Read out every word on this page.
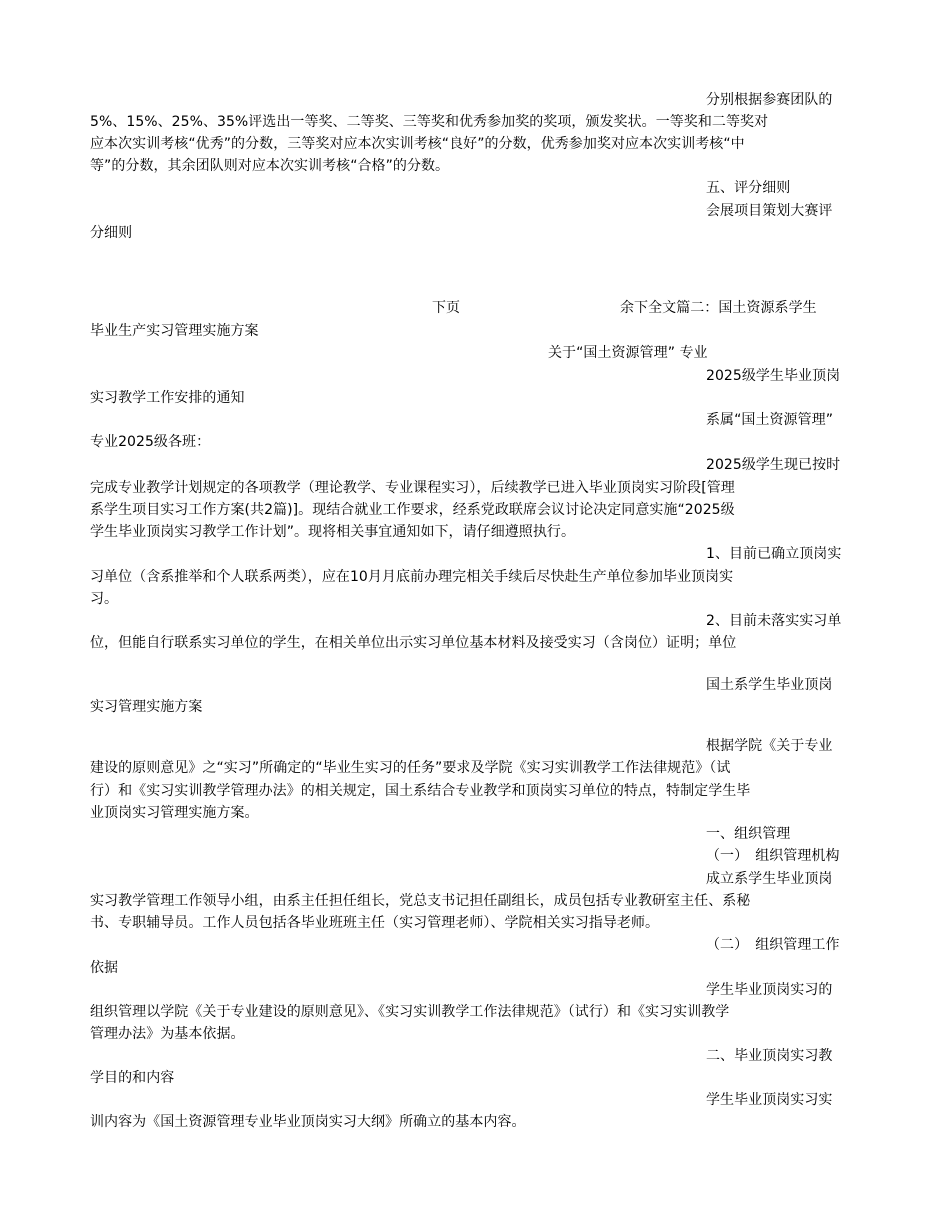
分别根据参赛团队的
5%、15%、25%、35%评选出一等奖、二等奖、三等奖和优秀参加奖的奖项，颁发奖状。一等奖和二等奖对
应本次实训考核“优秀”的分数，三等奖对应本次实训考核“良好”的分数，优秀参加奖对应本次实训考核“中
等”的分数，其余团队则对应本次实训考核“合格”的分数。
五、评分细则
会展项目策划大赛评
分细则
下页	余下全文篇二：国土资源系学生
毕业生产实习管理实施方案
关于“国土资源管理” 专业
2025级学生毕业顶岗
实习教学工作安排的通知
系属“国土资源管理”
专业2025级各班：
2025级学生现已按时
完成专业教学计划规定的各项教学（理论教学、专业课程实习），后续教学已进入毕业顶岗实习阶段[管理
系学生项目实习工作方案(共2篇)]。现结合就业工作要求，经系党政联席会议讨论决定同意实施“2025级
学生毕业顶岗实习教学工作计划”。现将相关事宜通知如下，请仔细遵照执行。
1、目前已确立顶岗实
习单位（含系推举和个人联系两类），应在10月月底前办理完相关手续后尽快赴生产单位参加毕业顶岗实
习。
2、目前未落实实习单
位，但能自行联系实习单位的学生，在相关单位出示实习单位基本材料及接受实习（含岗位）证明；单位
国土系学生毕业顶岗
实习管理实施方案
根据学院《关于专业
建设的原则意见》之“实习”所确定的“毕业生实习的任务”要求及学院《实习实训教学工作法律规范》（试
行）和《实习实训教学管理办法》的相关规定，国土系结合专业教学和顶岗实习单位的特点，特制定学生毕
业顶岗实习管理实施方案。
一、组织管理
（一）　组织管理机构
成立系学生毕业顶岗
实习教学管理工作领导小组，由系主任担任组长，党总支书记担任副组长，成员包括专业教研室主任、系秘
书、专职辅导员。工作人员包括各毕业班班主任（实习管理老师）、学院相关实习指导老师。
（二）　组织管理工作
依据
学生毕业顶岗实习的
组织管理以学院《关于专业建设的原则意见》、《实习实训教学工作法律规范》（试行）和《实习实训教学
管理办法》为基本依据。
二、毕业顶岗实习教
学目的和内容
学生毕业顶岗实习实
训内容为《国土资源管理专业毕业顶岗实习大纲》所确立的基本内容。
